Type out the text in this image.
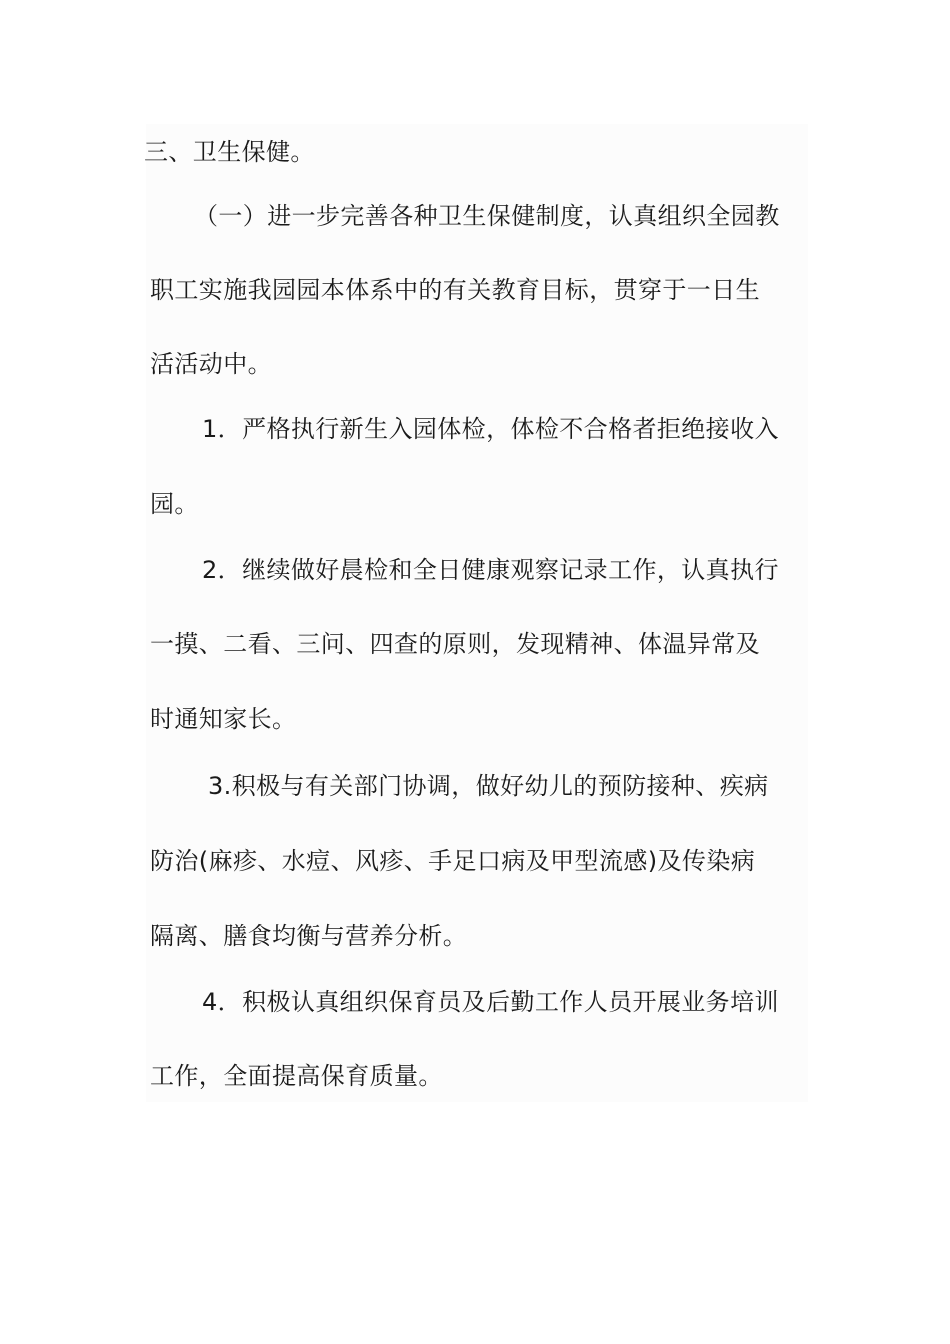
三、卫生保健。
（一）进一步完善各种卫生保健制度，认真组织全园教
职工实施我园园本体系中的有关教育目标，贯穿于一日生
活活动中。
1．严格执行新生入园体检，体检不合格者拒绝接收入
园。
2．继续做好晨检和全日健康观察记录工作，认真执行
一摸、二看、三问、四查的原则，发现精神、体温异常及
时通知家长。
3.积极与有关部门协调，做好幼儿的预防接种、疾病
防治(麻疹、水痘、风疹、手足口病及甲型流感)及传染病
隔离、膳食均衡与营养分析。
4．积极认真组织保育员及后勤工作人员开展业务培训
工作，全面提高保育质量。
